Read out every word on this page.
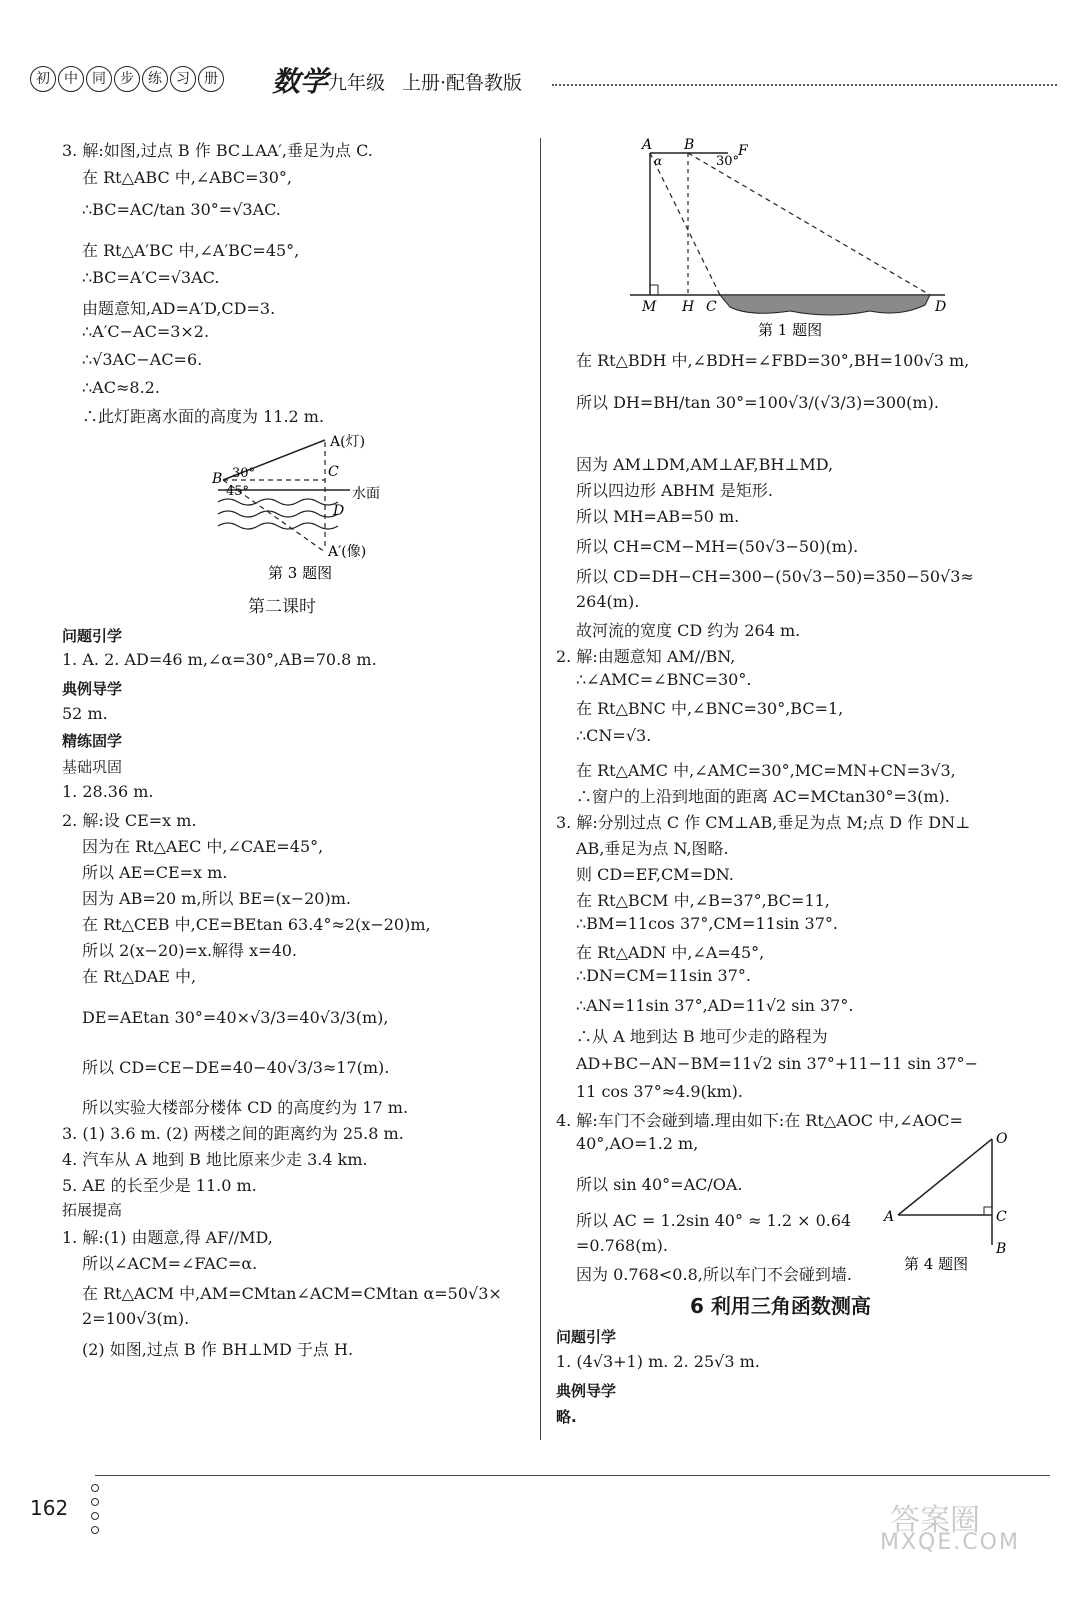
初 中 同 步 练 习 册 数学 九年级 上册·配鲁教版
3. 解:如图,过点 B 作 BC⊥AA′,垂足为点 C.
在 Rt△ABC 中,∠ABC=30°,
∴BC=AC/tan 30°=√3AC.
在 Rt△A′BC 中,∠A′BC=45°,
∴BC=A′C=√3AC.
由题意知,AD=A′D,CD=3.
∴A′C−AC=3×2.
∴√3AC−AC=6.
∴AC≈8.2.
∴此灯距离水面的高度为 11.2 m.
A(灯)
B	C
D
A′(像)
30°
45°	水面
第 3 题图
第二课时
问题引学
1. A. 2. AD=46 m,∠α=30°,AB=70.8 m.
典例导学
52 m.
精练固学
基础巩固
1. 28.36 m.
2. 解:设 CE=x m.
因为在 Rt△AEC 中,∠CAE=45°,
所以 AE=CE=x m.
因为 AB=20 m,所以 BE=(x−20)m.
在 Rt△CEB 中,CE=BEtan 63.4°≈2(x−20)m,
所以 2(x−20)=x.解得 x=40.
在 Rt△DAE 中,
DE=AEtan 30°=40×√3/3=40√3/3(m),
所以 CD=CE−DE=40−40√3/3≈17(m).
所以实验大楼部分楼体 CD 的高度约为 17 m.
3. (1) 3.6 m. (2) 两楼之间的距离约为 25.8 m.
4. 汽车从 A 地到 B 地比原来少走 3.4 km.
5. AE 的长至少是 11.0 m.
拓展提高
1. 解:(1) 由题意,得 AF//MD,
所以∠ACM=∠FAC=α.
在 Rt△ACM 中,AM=CMtan∠ACM=CMtan α=50√3×
2=100√3(m).
(2) 如图,过点 B 作 BH⊥MD 于点 H.
A B	F
α	30°
M H C	D
第 1 题图
在 Rt△BDH 中,∠BDH=∠FBD=30°,BH=100√3 m,
所以 DH=BH/tan 30°=100√3/(√3/3)=300(m).
因为 AM⊥DM,AM⊥AF,BH⊥MD,
所以四边形 ABHM 是矩形.
所以 MH=AB=50 m.
所以 CH=CM−MH=(50√3−50)(m).
所以 CD=DH−CH=300−(50√3−50)=350−50√3≈
264(m).
故河流的宽度 CD 约为 264 m.
2. 解:由题意知 AM//BN,
∴∠AMC=∠BNC=30°.
在 Rt△BNC 中,∠BNC=30°,BC=1,
∴CN=√3.
在 Rt△AMC 中,∠AMC=30°,MC=MN+CN=3√3,
∴窗户的上沿到地面的距离 AC=MCtan30°=3(m).
3. 解:分别过点 C 作 CM⊥AB,垂足为点 M;点 D 作 DN⊥
AB,垂足为点 N,图略.
则 CD=EF,CM=DN.
在 Rt△BCM 中,∠B=37°,BC=11,
∴BM=11cos 37°,CM=11sin 37°.
在 Rt△ADN 中,∠A=45°,
∴DN=CM=11sin 37°.
∴AN=11sin 37°,AD=11√2 sin 37°.
∴从 A 地到达 B 地可少走的路程为
AD+BC−AN−BM=11√2 sin 37°+11−11 sin 37°−
11 cos 37°≈4.9(km).
4. 解:车门不会碰到墙.理由如下:在 Rt△AOC 中,∠AOC=
40°,AO=1.2 m,
所以 sin 40°=AC/OA.
所以 AC = 1.2sin 40° ≈ 1.2 × 0.64
=0.768(m).
因为 0.768<0.8,所以车门不会碰到墙.
O
A	C
B
第 4 题图
6 利用三角函数测高
问题引学
1. (4√3+1) m. 2. 25√3 m.
典例导学
略.
162	答案圈
MXQE.COM
